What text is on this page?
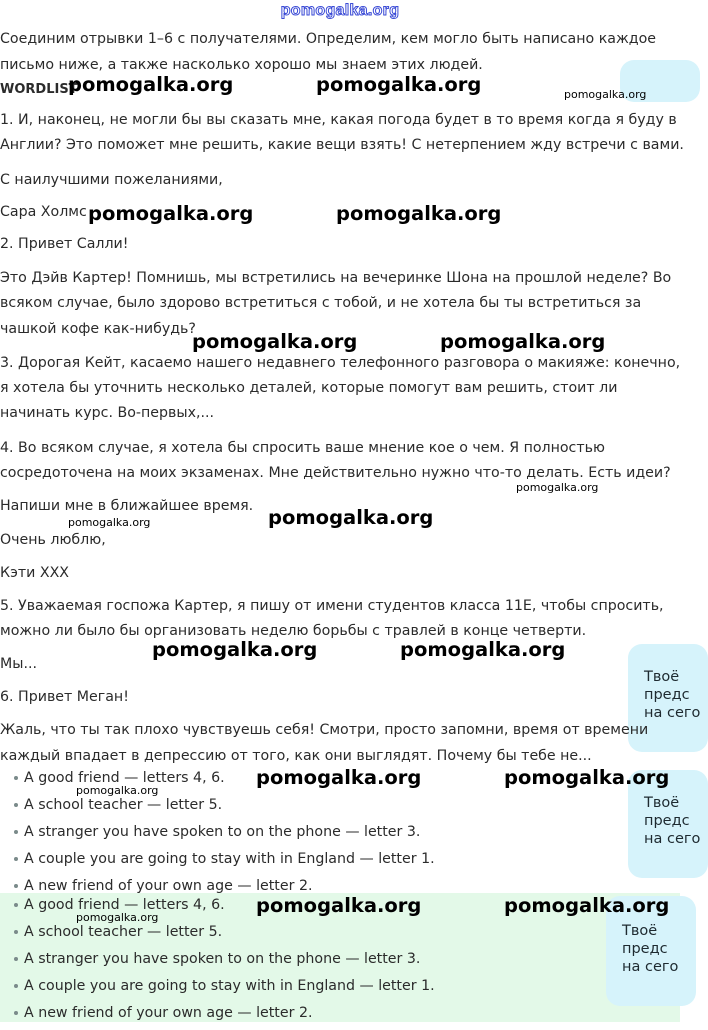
pomogalka.org
Твоё
предс
на сего
Твоё
предс
на сего
Твоё
предс
на сего
Соединим отрывки 1–6 с получателями. Определим, кем могло быть написано каждое
письмо ниже, а также насколько хорошо мы знаем этих людей.
WORDLIST
1. И, наконец, не могли бы вы сказать мне, какая погода будет в то время когда я буду в
Англии? Это поможет мне решить, какие вещи взять! С нетерпением жду встречи с вами.
С наилучшими пожеланиями,
Сара Холмс
2. Привет Салли!
Это Дэйв Картер! Помнишь, мы встретились на вечеринке Шона на прошлой неделе? Во
всяком случае, было здорово встретиться с тобой, и не хотела бы ты встретиться за
чашкой кофе как-нибудь?
3. Дорогая Кейт, касаемо нашего недавнего телефонного разговора о макияже: конечно,
я хотела бы уточнить несколько деталей, которые помогут вам решить, стоит ли
начинать курс. Во-первых,...
4. Во всяком случае, я хотела бы спросить ваше мнение кое о чем. Я полностью
сосредоточена на моих экзаменах. Мне действительно нужно что-то делать. Есть идеи?
Напиши мне в ближайшее время.
Очень люблю,
Кэти XXX
5. Уважаемая госпожа Картер, я пишу от имени студентов класса 11E, чтобы спросить,
можно ли было бы организовать неделю борьбы с травлей в конце четверти.
Мы...
6. Привет Меган!
Жаль, что ты так плохо чувствуешь себя! Смотри, просто запомни, время от времени
каждый впадает в депрессию от того, как они выглядят. Почему бы тебе не...
A good friend — letters 4, 6.
A school teacher — letter 5.
A stranger you have spoken to on the phone — letter 3.
A couple you are going to stay with in England — letter 1.
A new friend of your own age — letter 2.
A good friend — letters 4, 6.
A school teacher — letter 5.
A stranger you have spoken to on the phone — letter 3.
A couple you are going to stay with in England — letter 1.
A new friend of your own age — letter 2.
pomogalka.org	pomogalka.org	pomogalka.org
pomogalka.org	pomogalka.org
pomogalka.org	pomogalka.org
pomogalka.org
pomogalka.org	pomogalka.org
pomogalka.org	pomogalka.org
pomogalka.org	pomogalka.org
pomogalka.org
pomogalka.org	pomogalka.org
pomogalka.org
